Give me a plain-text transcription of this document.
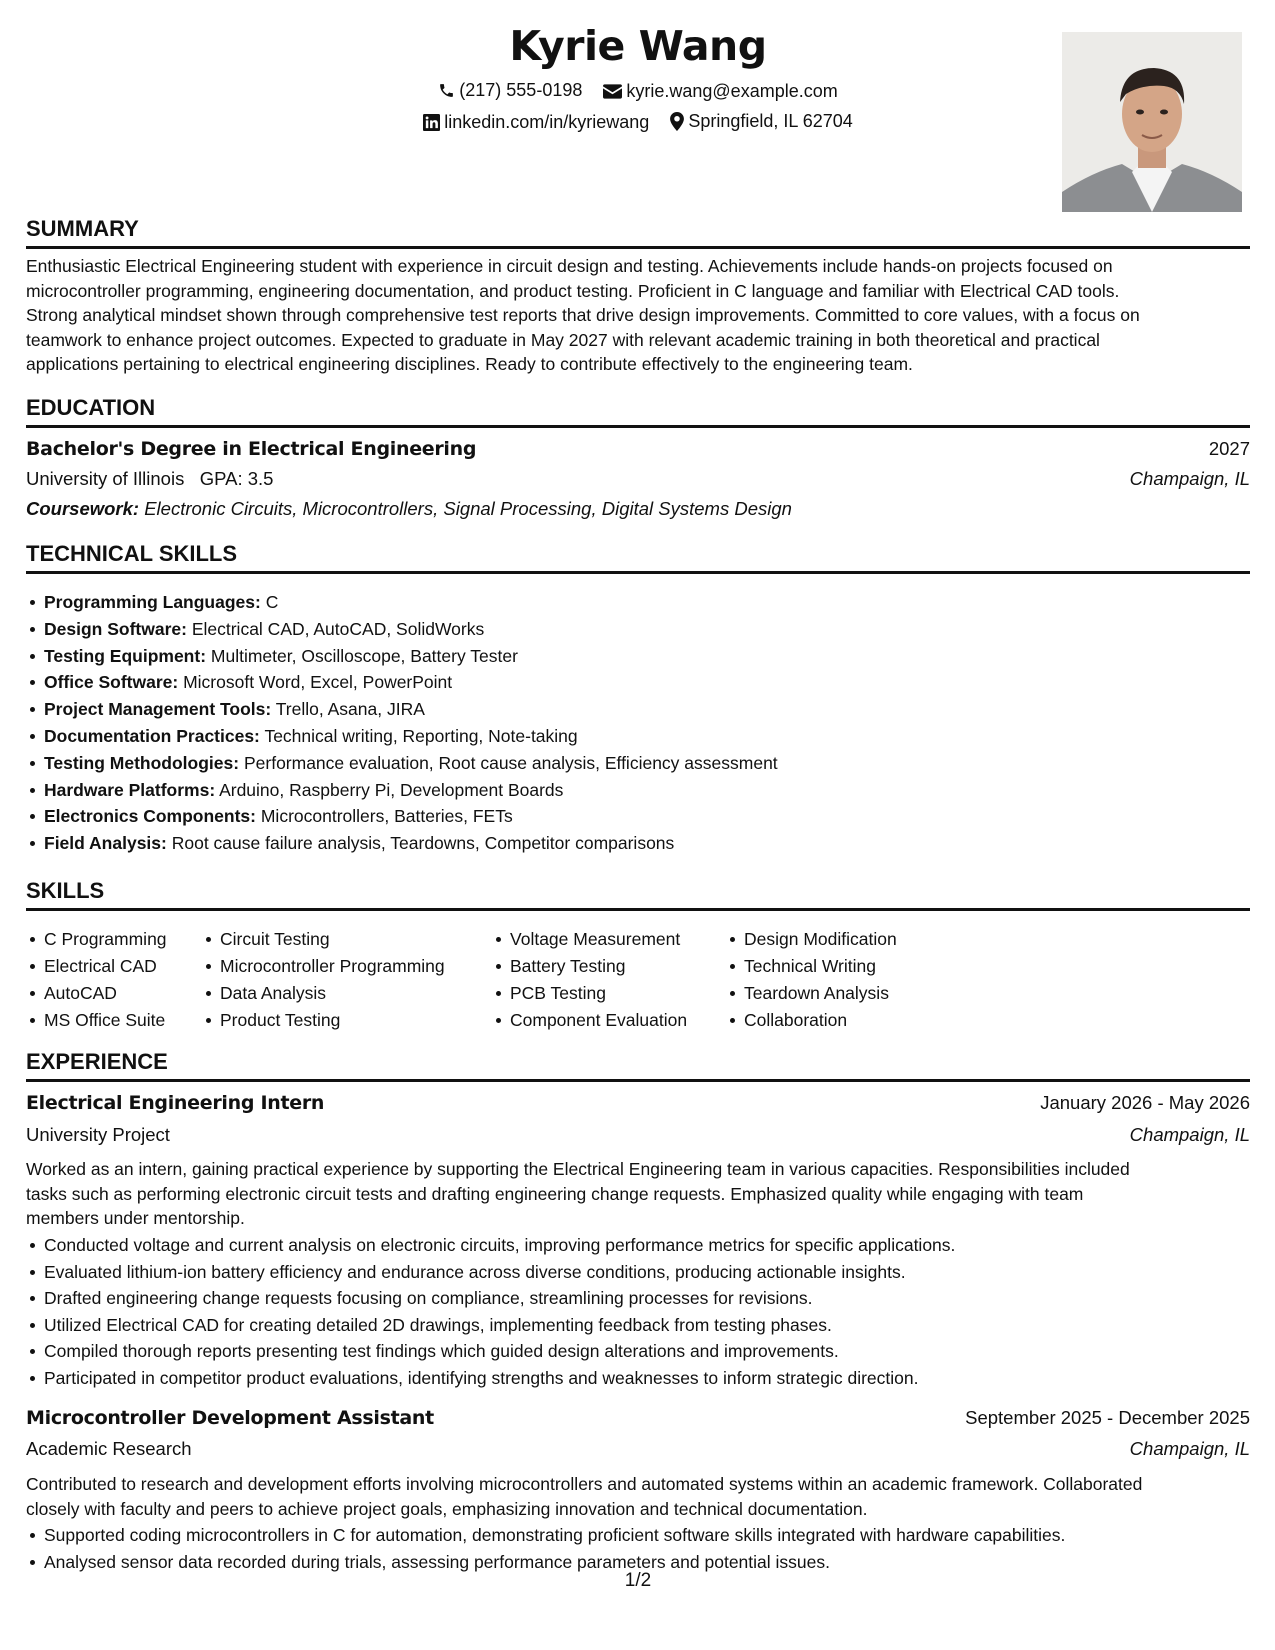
Kyrie Wang
(217) 555-0198
kyrie.wang@example.com
linkedin.com/in/kyriewang
Springfield, IL 62704
SUMMARY
Enthusiastic Electrical Engineering student with experience in circuit design and testing. Achievements include hands-on projects focused on
microcontroller programming, engineering documentation, and product testing. Proficient in C language and familiar with Electrical CAD tools.
Strong analytical mindset shown through comprehensive test reports that drive design improvements. Committed to core values, with a focus on
teamwork to enhance project outcomes. Expected to graduate in May 2027 with relevant academic training in both theoretical and practical
applications pertaining to electrical engineering disciplines. Ready to contribute effectively to the engineering team.
EDUCATION
Bachelor's Degree in Electrical Engineering	2027
University of Illinois GPA: 3.5	Champaign, IL
Coursework: Electronic Circuits, Microcontrollers, Signal Processing, Digital Systems Design
TECHNICAL SKILLS
Programming Languages: C
Design Software: Electrical CAD, AutoCAD, SolidWorks
Testing Equipment: Multimeter, Oscilloscope, Battery Tester
Office Software: Microsoft Word, Excel, PowerPoint
Project Management Tools: Trello, Asana, JIRA
Documentation Practices: Technical writing, Reporting, Note-taking
Testing Methodologies: Performance evaluation, Root cause analysis, Efficiency assessment
Hardware Platforms: Arduino, Raspberry Pi, Development Boards
Electronics Components: Microcontrollers, Batteries, FETs
Field Analysis: Root cause failure analysis, Teardowns, Competitor comparisons
SKILLS
C Programming
Electrical CAD
AutoCAD
MS Office Suite
Circuit Testing
Microcontroller Programming
Data Analysis
Product Testing
Voltage Measurement
Battery Testing
PCB Testing
Component Evaluation
Design Modification
Technical Writing
Teardown Analysis
Collaboration
EXPERIENCE
Electrical Engineering Intern	January 2026 - May 2026
University Project	Champaign, IL
Worked as an intern, gaining practical experience by supporting the Electrical Engineering team in various capacities. Responsibilities included
tasks such as performing electronic circuit tests and drafting engineering change requests. Emphasized quality while engaging with team
members under mentorship.
Conducted voltage and current analysis on electronic circuits, improving performance metrics for specific applications.
Evaluated lithium-ion battery efficiency and endurance across diverse conditions, producing actionable insights.
Drafted engineering change requests focusing on compliance, streamlining processes for revisions.
Utilized Electrical CAD for creating detailed 2D drawings, implementing feedback from testing phases.
Compiled thorough reports presenting test findings which guided design alterations and improvements.
Participated in competitor product evaluations, identifying strengths and weaknesses to inform strategic direction.
Microcontroller Development Assistant	September 2025 - December 2025
Academic Research	Champaign, IL
Contributed to research and development efforts involving microcontrollers and automated systems within an academic framework. Collaborated
closely with faculty and peers to achieve project goals, emphasizing innovation and technical documentation.
Supported coding microcontrollers in C for automation, demonstrating proficient software skills integrated with hardware capabilities.
Analysed sensor data recorded during trials, assessing performance parameters and potential issues.
1/2
